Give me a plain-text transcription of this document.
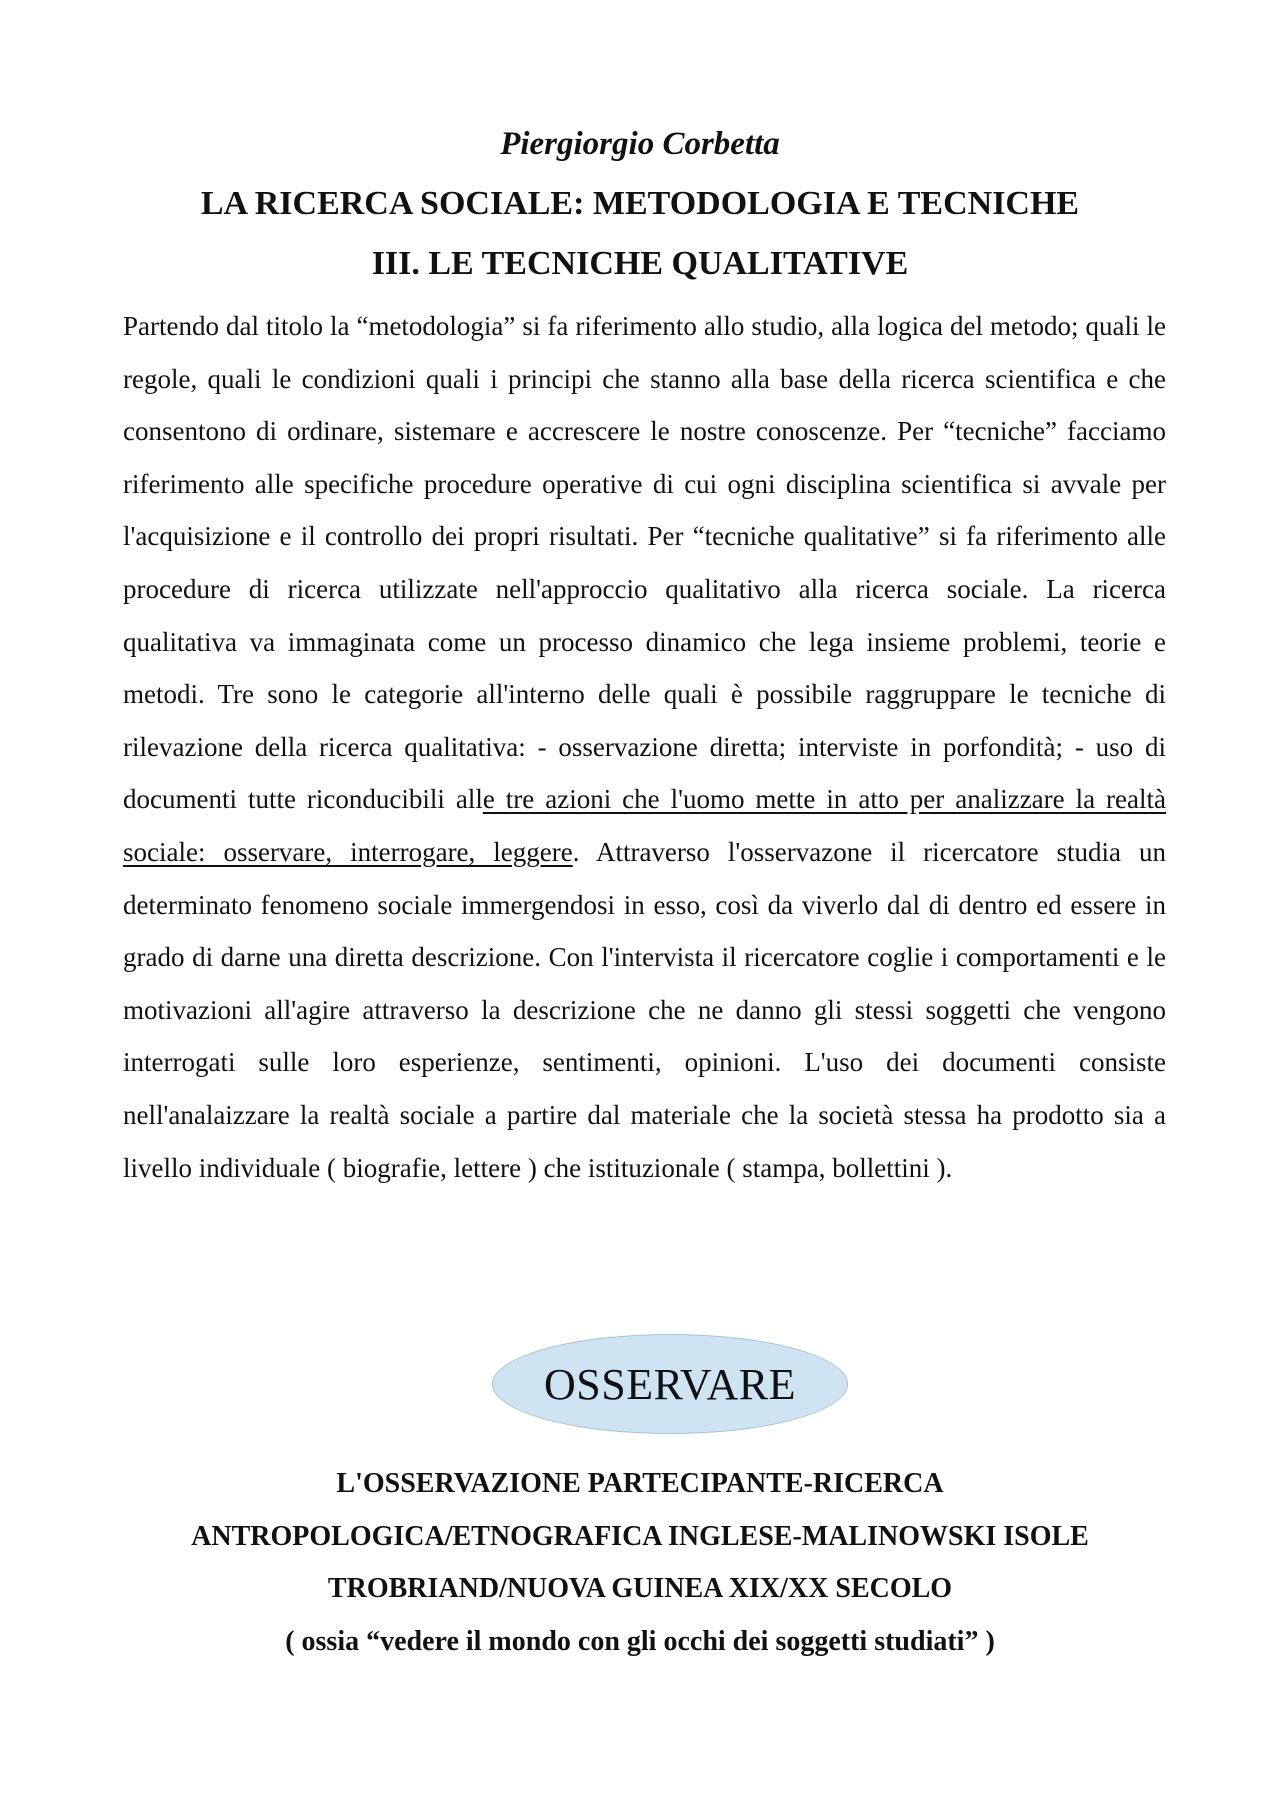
Piergiorgio Corbetta
LA RICERCA SOCIALE: METODOLOGIA E TECNICHE
III. LE TECNICHE QUALITATIVE

Partendo dal titolo la “metodologia” si fa riferimento allo studio, alla logica del metodo; quali le regole, quali le condizioni quali i principi che stanno alla base della ricerca scientifica e che consentono di ordinare, sistemare e accrescere le nostre conoscenze. Per “tecniche” facciamo riferimento alle specifiche procedure operative di cui ogni disciplina scientifica si avvale per l'acquisizione e il controllo dei propri risultati. Per “tecniche qualitative” si fa riferimento alle procedure di ricerca utilizzate nell'approccio qualitativo alla ricerca sociale. La ricerca qualitativa va immaginata come un processo dinamico che lega insieme problemi, teorie e metodi. Tre sono le categorie all'interno delle quali è possibile raggruppare le tecniche di rilevazione della ricerca qualitativa: - osservazione diretta; interviste in porfondità; - uso di documenti tutte riconducibili alle tre azioni che l'uomo mette in atto per analizzare la realtà sociale: osservare, interrogare, leggere. Attraverso l'osservazone il ricercatore studia un determinato fenomeno sociale immergendosi in esso, così da viverlo dal di dentro ed essere in grado di darne una diretta descrizione. Con l'intervista il ricercatore coglie i comportamenti e le motivazioni all'agire attraverso la descrizione che ne danno gli stessi soggetti che vengono interrogati sulle loro esperienze, sentimenti, opinioni. L'uso dei documenti consiste nell'analaizzare la realtà sociale a partire dal materiale che la società stessa ha prodotto sia a livello individuale ( biografie, lettere ) che istituzionale ( stampa, bollettini ).

OSSERVARE
L'OSSERVAZIONE PARTECIPANTE-RICERCA
ANTROPOLOGICA/ETNOGRAFICA INGLESE-MALINOWSKI ISOLE
TROBRIAND/NUOVA GUINEA XIX/XX SECOLO
( ossia “vedere il mondo con gli occhi dei soggetti studiati” )
